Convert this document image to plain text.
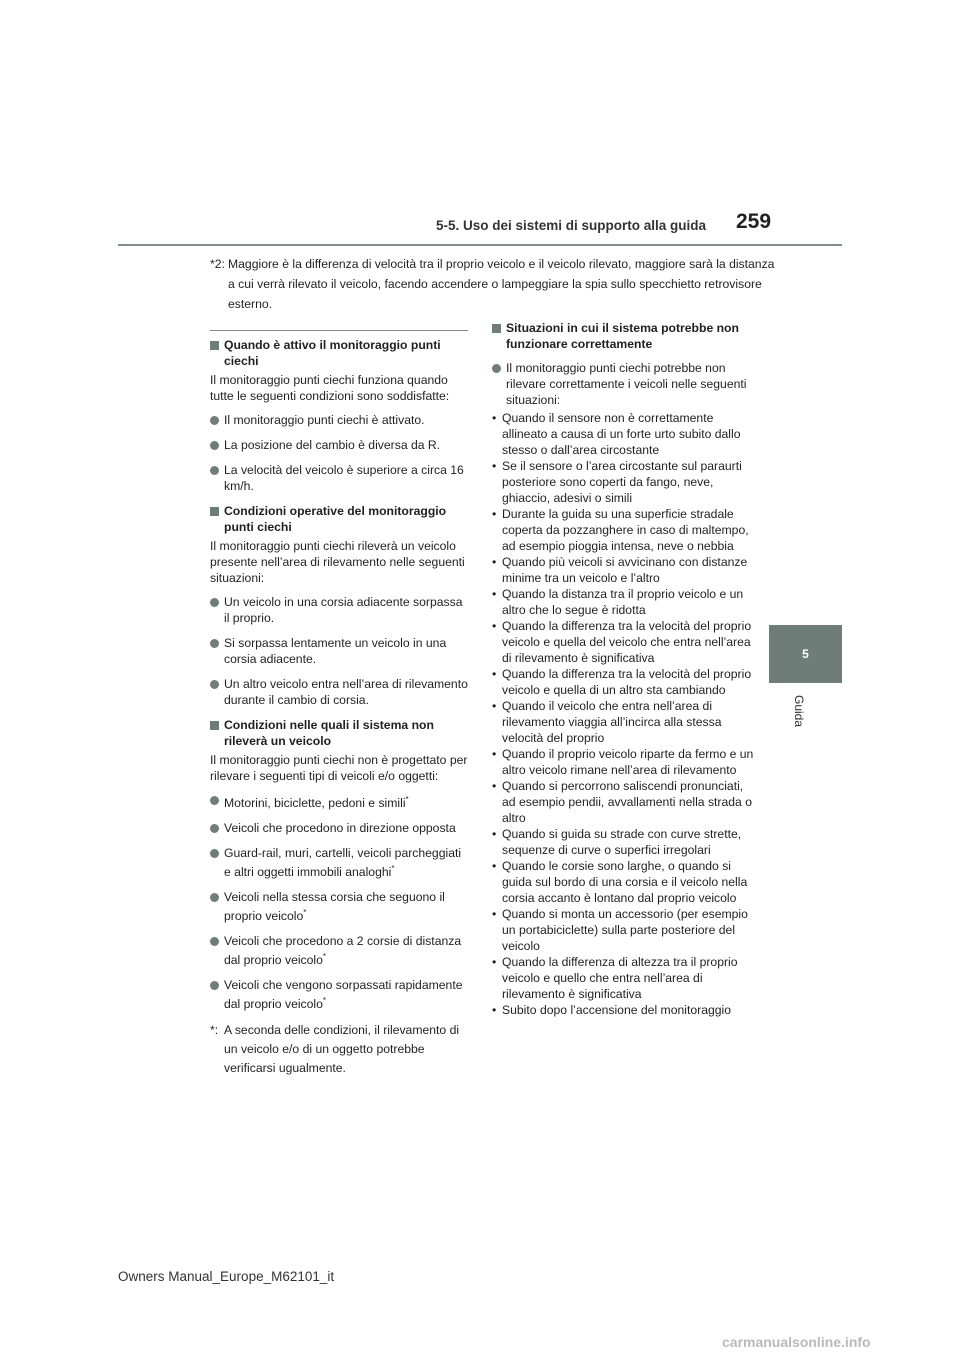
5-5. Uso dei sistemi di supporto alla guida 259
5
Guida
*2: Maggiore è la differenza di velocità tra il proprio veicolo e il veicolo rilevato, maggiore sarà la distanza a cui verrà rilevato il veicolo, facendo accendere o lampeggiare la spia sullo specchietto retrovisore esterno.
Quando è attivo il monitoraggio punti ciechi

Il monitoraggio punti ciechi funziona quando tutte le seguenti condizioni sono soddisfatte:

Il monitoraggio punti ciechi è attivato.
La posizione del cambio è diversa da R.
La velocità del veicolo è superiore a circa 16 km/h.
Condizioni operative del monitoraggio punti ciechi

Il monitoraggio punti ciechi rileverà un veicolo presente nell’area di rilevamento nelle seguenti situazioni:

Un veicolo in una corsia adiacente sorpassa il proprio.
Si sorpassa lentamente un veicolo in una corsia adiacente.
Un altro veicolo entra nell’area di rilevamento durante il cambio di corsia.
Condizioni nelle quali il sistema non rileverà un veicolo

Il monitoraggio punti ciechi non è progettato per rilevare i seguenti tipi di veicoli e/o oggetti:

Motorini, biciclette, pedoni e simili*
Veicoli che procedono in direzione opposta
Guard-rail, muri, cartelli, veicoli parcheggiati e altri oggetti immobili analoghi*
Veicoli nella stessa corsia che seguono il proprio veicolo*
Veicoli che procedono a 2 corsie di distanza dal proprio veicolo*
Veicoli che vengono sorpassati rapidamente dal proprio veicolo*
*: A seconda delle condizioni, il rilevamento di un veicolo e/o di un oggetto potrebbe verificarsi ugualmente.
Situazioni in cui il sistema potrebbe non funzionare correttamente
Il monitoraggio punti ciechi potrebbe non rilevare correttamente i veicoli nelle seguenti situazioni:
• Quando il sensore non è correttamente allineato a causa di un forte urto subito dallo stesso o dall’area circostante
• Se il sensore o l’area circostante sul paraurti posteriore sono coperti da fango, neve, ghiaccio, adesivi o simili
• Durante la guida su una superficie stradale coperta da pozzanghere in caso di maltempo, ad esempio pioggia intensa, neve o nebbia
• Quando più veicoli si avvicinano con distanze minime tra un veicolo e l’altro
• Quando la distanza tra il proprio veicolo e un altro che lo segue è ridotta
• Quando la differenza tra la velocità del proprio veicolo e quella del veicolo che entra nell’area di rilevamento è significativa
• Quando la differenza tra la velocità del proprio veicolo e quella di un altro sta cambiando
• Quando il veicolo che entra nell’area di rilevamento viaggia all’incirca alla stessa velocità del proprio
• Quando il proprio veicolo riparte da fermo e un altro veicolo rimane nell’area di rilevamento
• Quando si percorrono saliscendi pronunciati, ad esempio pendii, avvallamenti nella strada o altro
• Quando si guida su strade con curve strette, sequenze di curve o superfici irregolari
• Quando le corsie sono larghe, o quando si guida sul bordo di una corsia e il veicolo nella corsia accanto è lontano dal proprio veicolo
• Quando si monta un accessorio (per esempio un portabiciclette) sulla parte posteriore del veicolo
• Quando la differenza di altezza tra il proprio veicolo e quello che entra nell’area di rilevamento è significativa
• Subito dopo l’accensione del monitoraggio
Owners Manual_Europe_M62101_it
carmanualsonline.info
